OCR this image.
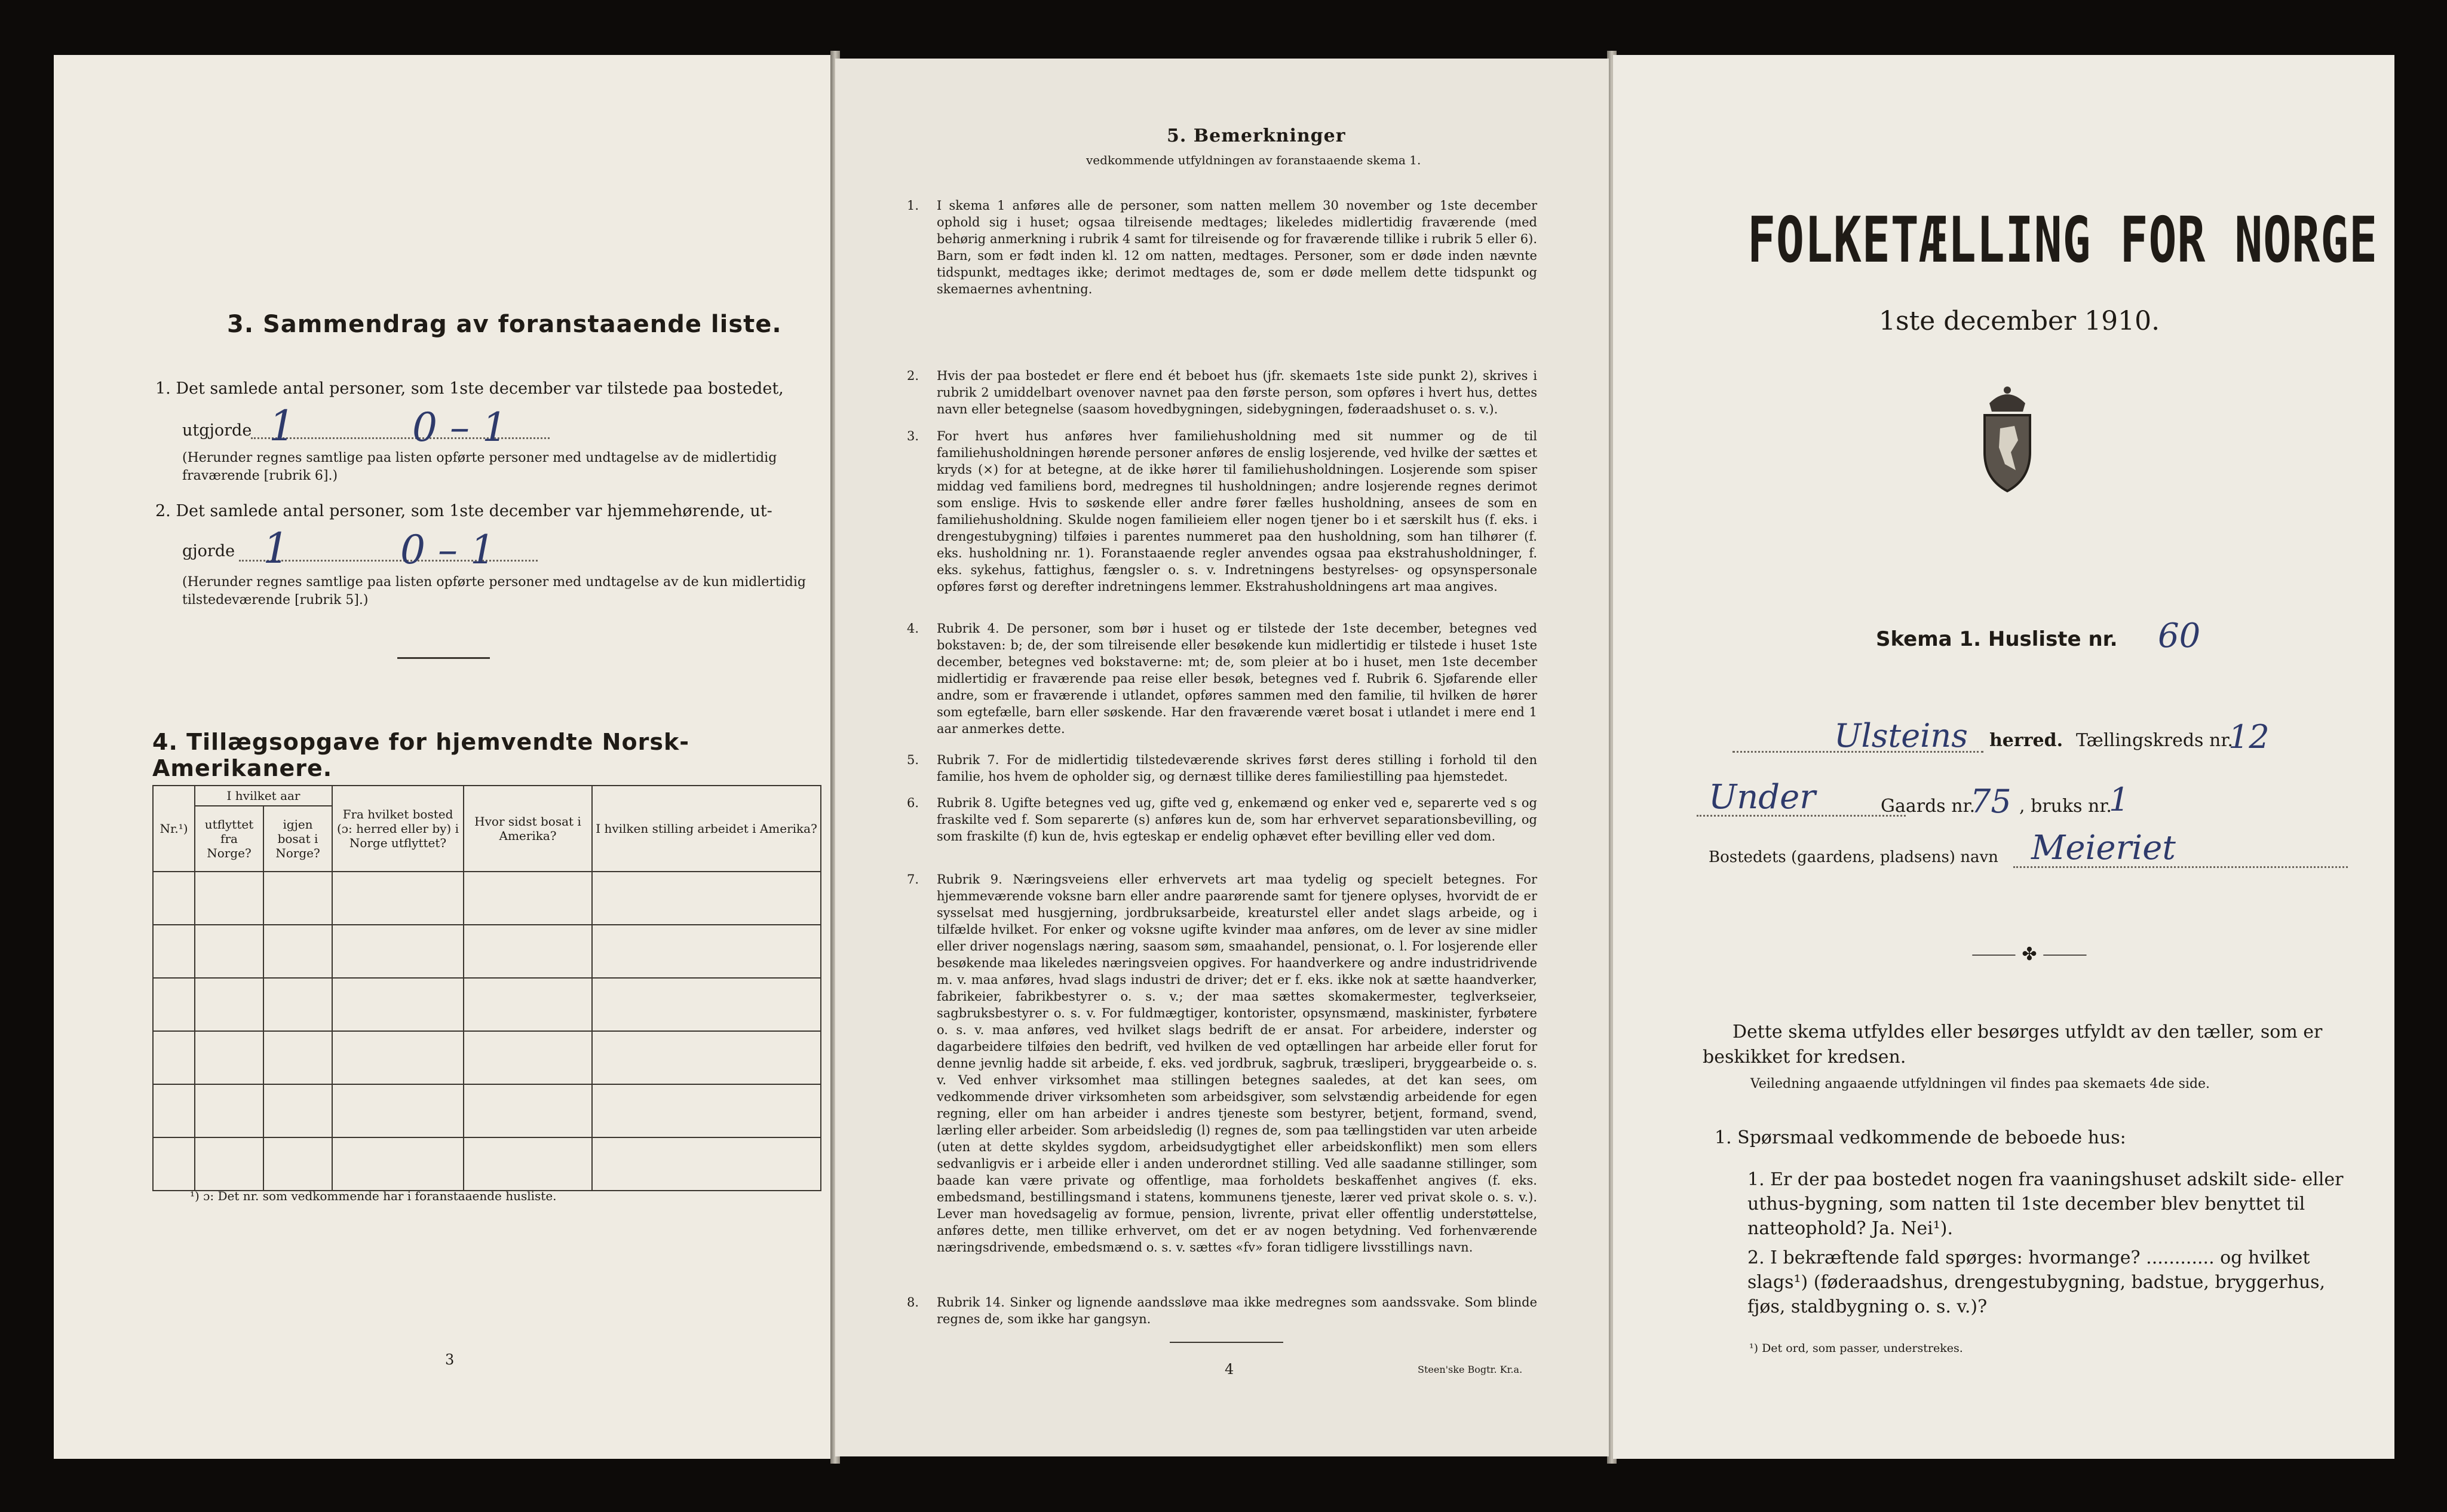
3. Sammendrag av foranstaaende liste.
1. Det samlede antal personer, som 1ste december var tilstede paa bostedet,
utgjorde 1	0 – 1
(Herunder regnes samtlige paa listen opførte personer med undtagelse av de midlertidig fraværende [rubrik 6].)
2. Det samlede antal personer, som 1ste december var hjemmehørende, ut-
gjorde 1	0 – 1
(Herunder regnes samtlige paa listen opførte personer med undtagelse av de kun midlertidig tilstedeværende [rubrik 5].)
4. Tillægsopgave for hjemvendte Norsk-Amerikanere.
Nr.¹)	I hvilket aar		Fra hvilket bosted (ɔ: herred eller by) i Norge utflyttet?	Hvor sidst bosat i Amerika?	I hvilken stilling arbeidet i Amerika?
	utflyttet fra Norge?	igjen bosat i Norge?			

¹) ɔ: Det nr. som vedkommende har i foranstaaende husliste.
3
5. Bemerkninger
vedkommende utfyldningen av foranstaaende skema 1.
1. I skema 1 anføres alle de personer, som natten mellem 30 november og 1ste december ophold sig i huset; ogsaa tilreisende medtages; likeledes midlertidig fraværende (med behørig anmerkning i rubrik 4 samt for tilreisende og for fraværende tillike i rubrik 5 eller 6). Barn, som er født inden kl. 12 om natten, medtages. Personer, som er døde inden nævnte tidspunkt, medtages ikke; derimot medtages de, som er døde mellem dette tidspunkt og skemaernes avhentning.
2. Hvis der paa bostedet er flere end ét beboet hus (jfr. skemaets 1ste side punkt 2), skrives i rubrik 2 umiddelbart ovenover navnet paa den første person, som opføres i hvert hus, dettes navn eller betegnelse (saasom hovedbygningen, sidebygningen, føderaadshuset o. s. v.).
3. For hvert hus anføres hver familiehusholdning med sit nummer og de til familiehusholdningen hørende personer anføres de enslig losjerende, ved hvilke der sættes et kryds (×) for at betegne, at de ikke hører til familiehusholdningen. Losjerende som spiser middag ved familiens bord, medregnes til husholdningen; andre losjerende regnes derimot som enslige. Hvis to søskende eller andre fører fælles husholdning, ansees de som en familiehusholdning. Skulde nogen familieiem eller nogen tjener bo i et særskilt hus (f. eks. i drengestubygning) tilføies i parentes nummeret paa den husholdning, som han tilhører (f. eks. husholdning nr. 1). Foranstaaende regler anvendes ogsaa paa ekstrahusholdninger, f. eks. sykehus, fattighus, fængsler o. s. v. Indretningens bestyrelses- og opsynspersonale opføres først og derefter indretningens lemmer. Ekstrahusholdningens art maa angives.
4. Rubrik 4. De personer, som bør i huset og er tilstede der 1ste december, betegnes ved bokstaven: b; de, der som tilreisende eller besøkende kun midlertidig er tilstede i huset 1ste december, betegnes ved bokstaverne: mt; de, som pleier at bo i huset, men 1ste december midlertidig er fraværende paa reise eller besøk, betegnes ved f. Rubrik 6. Sjøfarende eller andre, som er fraværende i utlandet, opføres sammen med den familie, til hvilken de hører som egtefælle, barn eller søskende. Har den fraværende været bosat i utlandet i mere end 1 aar anmerkes dette.
5. Rubrik 7. For de midlertidig tilstedeværende skrives først deres stilling i forhold til den familie, hos hvem de opholder sig, og dernæst tillike deres familiestilling paa hjemstedet.
6. Rubrik 8. Ugifte betegnes ved ug, gifte ved g, enkemænd og enker ved e, separerte ved s og fraskilte ved f. Som separerte (s) anføres kun de, som har erhvervet separationsbevilling, og som fraskilte (f) kun de, hvis egteskap er endelig ophævet efter bevilling eller ved dom.
7. Rubrik 9. Næringsveiens eller erhvervets art maa tydelig og specielt betegnes. For hjemmeværende voksne barn eller andre paarørende samt for tjenere oplyses, hvorvidt de er sysselsat med husgjerning, jordbruksarbeide, kreaturstel eller andet slags arbeide, og i tilfælde hvilket. For enker og voksne ugifte kvinder maa anføres, om de lever av sine midler eller driver nogenslags næring, saasom søm, smaahandel, pensionat, o. l. For losjerende eller besøkende maa likeledes næringsveien opgives. For haandverkere og andre industridrivende m. v. maa anføres, hvad slags industri de driver; det er f. eks. ikke nok at sætte haandverker, fabrikeier, fabrikbestyrer o. s. v.; der maa sættes skomakermester, teglverkseier, sagbruksbestyrer o. s. v. For fuldmægtiger, kontorister, opsynsmænd, maskinister, fyrbøtere o. s. v. maa anføres, ved hvilket slags bedrift de er ansat. For arbeidere, inderster og dagarbeidere tilføies den bedrift, ved hvilken de ved optællingen har arbeide eller forut for denne jevnlig hadde sit arbeide, f. eks. ved jordbruk, sagbruk, træsliperi, bryggearbeide o. s. v. Ved enhver virksomhet maa stillingen betegnes saaledes, at det kan sees, om vedkommende driver virksomheten som arbeidsgiver, som selvstændig arbeidende for egen regning, eller om han arbeider i andres tjeneste som bestyrer, betjent, formand, svend, lærling eller arbeider. Som arbeidsledig (l) regnes de, som paa tællingstiden var uten arbeide (uten at dette skyldes sygdom, arbeidsudygtighet eller arbeidskonflikt) men som ellers sedvanligvis er i arbeide eller i anden underordnet stilling. Ved alle saadanne stillinger, som baade kan være private og offentlige, maa forholdets beskaffenhet angives (f. eks. embedsmand, bestillingsmand i statens, kommunens tjeneste, lærer ved privat skole o. s. v.). Lever man hovedsagelig av formue, pension, livrente, privat eller offentlig understøttelse, anføres dette, men tillike erhvervet, om det er av nogen betydning. Ved forhenværende næringsdrivende, embedsmænd o. s. v. sættes «fv» foran tidligere livsstillings navn.
8. Rubrik 14. Sinker og lignende aandssløve maa ikke medregnes som aandssvake. Som blinde regnes de, som ikke har gangsyn.
4	Steen'ske Bogtr. Kr.a.
FOLKETÆLLING FOR NORGE
1ste december 1910.
Skema 1. Husliste nr. 60
Ulsteins herred. Tællingskreds nr.
12
Under	Gaards nr.
75 , bruks nr.
1
Bostedets (gaardens, pladsens) navn Meieriet
⸻ ✤ ⸻
Dette skema utfyldes eller besørges utfyldt av den tæller, som er beskikket for kredsen.
Veiledning angaaende utfyldningen vil findes paa skemaets 4de side.
1. Spørsmaal vedkommende de beboede hus:
1. Er der paa bostedet nogen fra vaaningshuset adskilt side- eller uthus-bygning, som natten til 1ste december blev benyttet til natteophold? Ja. Nei¹).
2. I bekræftende fald spørges: hvormange? ............ og hvilket slags¹) (føderaadshus, drengestubygning, badstue, bryggerhus, fjøs, staldbygning o. s. v.)?
¹) Det ord, som passer, understrekes.
